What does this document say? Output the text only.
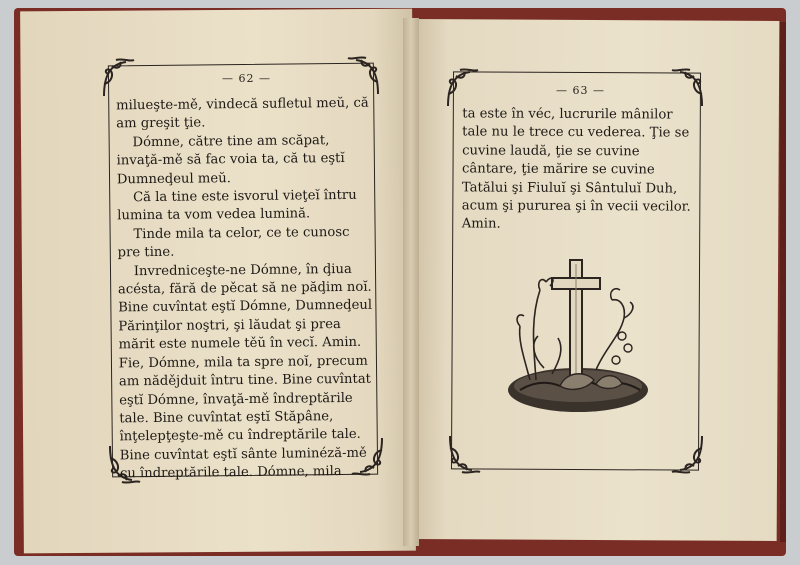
— 62 —

milueşte-mě, vindecă sufletul meŭ, că am greşit ţie.

Dómne, către tine am scăpat, invaţă-mě să fac voia ta, că tu eştĭ Dumneḑeul meŭ.

Că la tine este isvorul vieţeĭ întru lumina ta vom vedea lumină.

Tinde mila ta celor, ce te cunosc pre tine.

Invredniceşte-ne Dómne, în ḑiua acésta, fără de pěcat să ne păḑim noĭ. Bine cuvîntat eştĭ Dómne, Dumneḑeul Părinţilor noştri, şi lăudat şi prea mărit este numele těŭ în vecĭ. Amin. Fie, Dómne, mila ta spre noĭ, precum am nădějduit întru tine. Bine cuvîntat eştĭ Dómne, învaţă-mě îndreptările tale. Bine cuvîntat eştĭ Stăpâne, înţelepţeşte-mě cu îndreptările tale. Bine cuvîntat eştĭ sânte luminéză-mě cu îndreptările tale. Dómne, mila

— 63 —

ta este în véc, lucrurile mânilor tale nu le trece cu vederea. Ţie se cuvine laudă, ţie se cuvine cântare, ţie mărire se cuvine Tatălui şi Fiuluĭ şi Sântuluĭ Duh, acum şi pururea şi în vecii vecilor. Amin.
